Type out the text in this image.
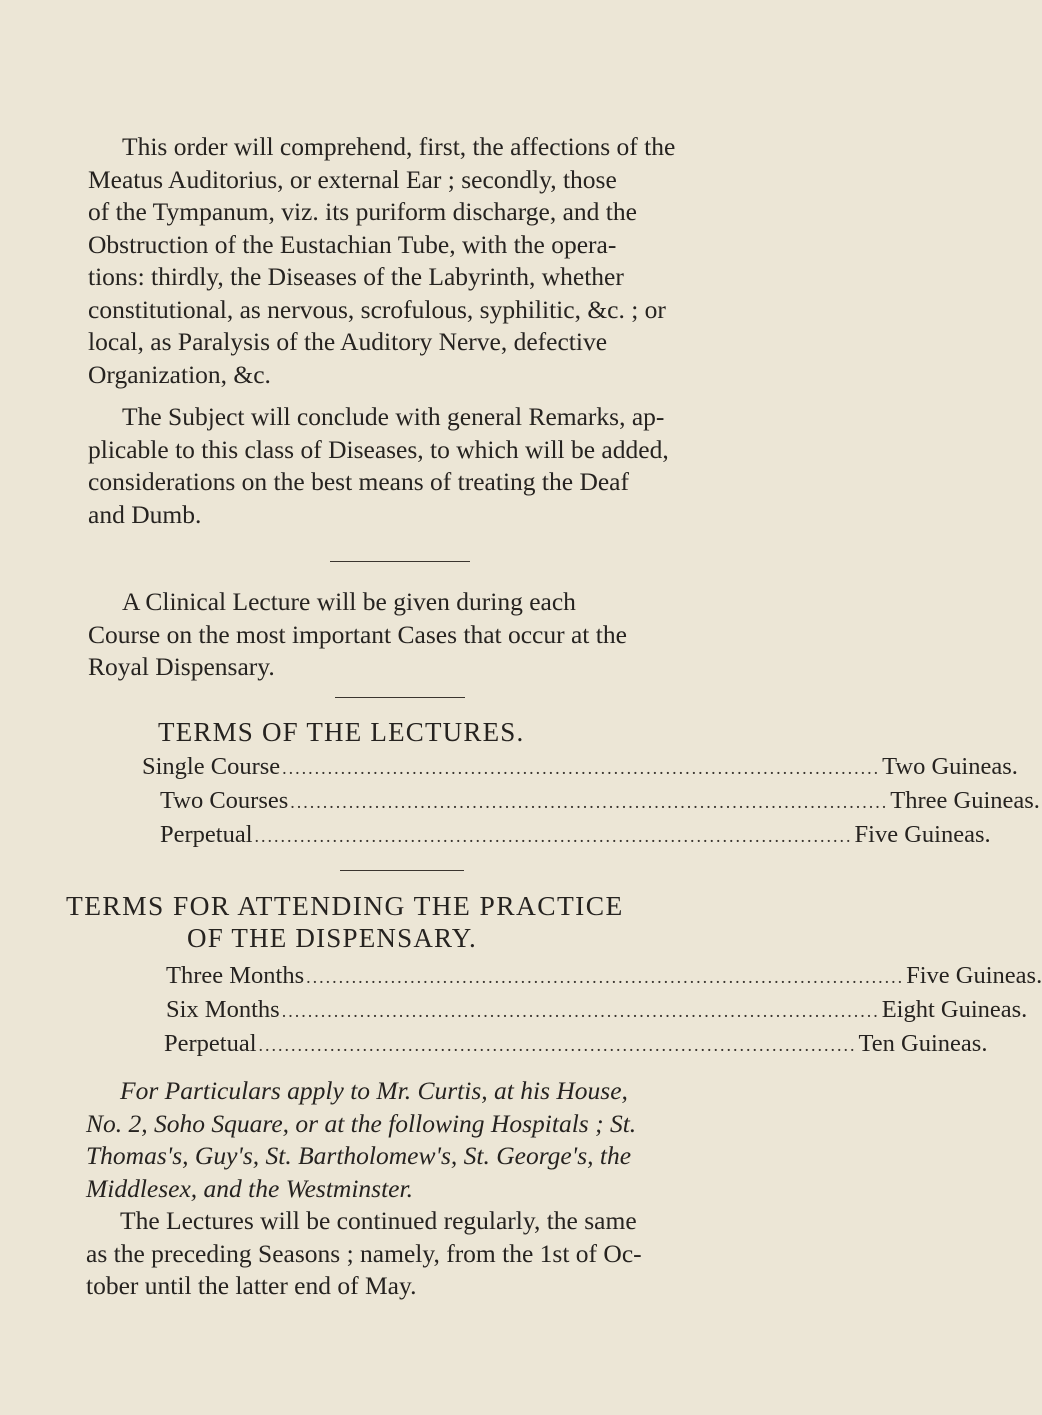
This order will comprehend, first, the affections of the
Meatus Auditorius, or external Ear ; secondly, those
of the Tympanum, viz. its puriform discharge, and the
Obstruction of the Eustachian Tube, with the opera-
tions: thirdly, the Diseases of the Labyrinth, whether
constitutional, as nervous, scrofulous, syphilitic, &c. ; or
local, as Paralysis of the Auditory Nerve, defective
Organization, &c.

The Subject will conclude with general Remarks, ap-
plicable to this class of Diseases, to which will be added,
considerations on the best means of treating the Deaf
and Dumb.

A Clinical Lecture will be given during each
Course on the most important Cases that occur at the
Royal Dispensary.

TERMS OF THE LECTURES.
Single Course ............................................................................................ Two Guineas.
Two Courses ............................................................................................ Three Guineas.
Perpetual ............................................................................................ Five Guineas.
TERMS FOR ATTENDING THE PRACTICE
OF THE DISPENSARY.
Three Months ............................................................................................ Five Guineas.
Six Months ............................................................................................ Eight Guineas.
Perpetual ............................................................................................ Ten Guineas.

For Particulars apply to Mr. Curtis, at his House,
No. 2, Soho Square, or at the following Hospitals ; St.
Thomas's, Guy's, St. Bartholomew's, St. George's, the
Middlesex, and the Westminster.

The Lectures will be continued regularly, the same
as the preceding Seasons ; namely, from the 1st of Oc-
tober until the latter end of May.
